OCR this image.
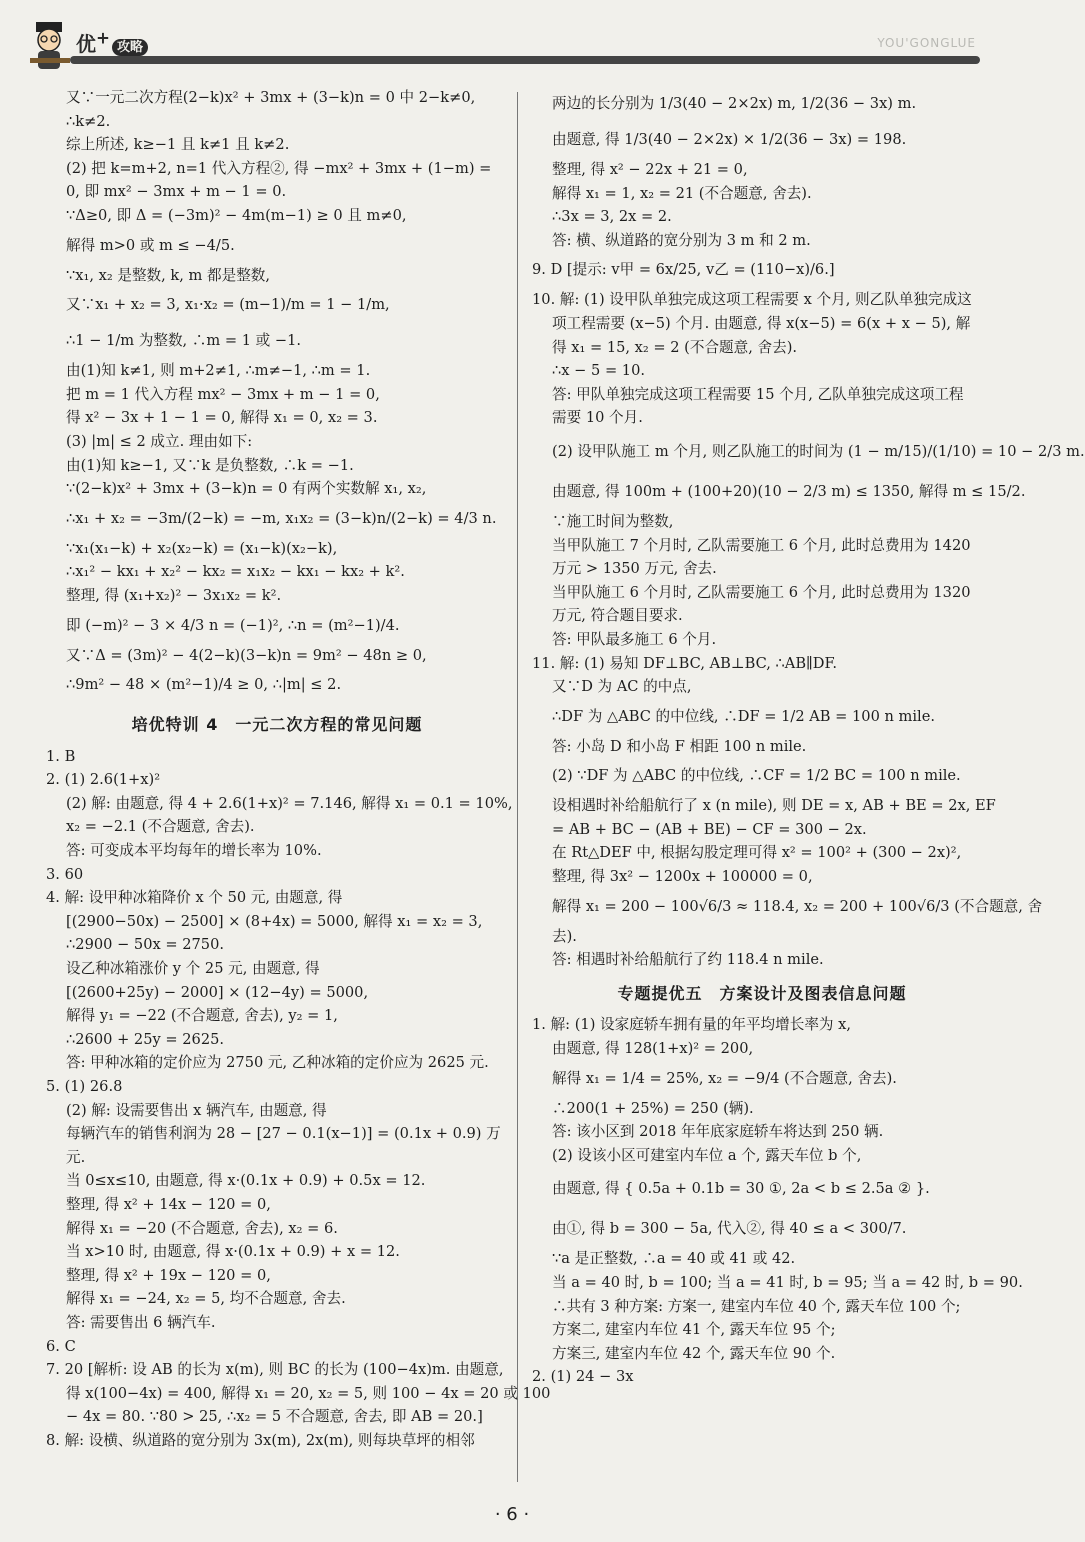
优+攻略	YOU'GONGLUE
又∵一元二次方程(2−k)x² + 3mx + (3−k)n = 0 中 2−k≠0,
∴k≠2.
综上所述, k≥−1 且 k≠1 且 k≠2.
(2) 把 k=m+2, n=1 代入方程②, 得 −mx² + 3mx + (1−m) =
0, 即 mx² − 3mx + m − 1 = 0.
∵Δ≥0, 即 Δ = (−3m)² − 4m(m−1) ≥ 0 且 m≠0,
解得 m>0 或 m ≤ −4/5.
∵x₁, x₂ 是整数, k, m 都是整数,
又∵x₁ + x₂ = 3, x₁·x₂ = (m−1)/m = 1 − 1/m,
∴1 − 1/m 为整数, ∴m = 1 或 −1.
由(1)知 k≠1, 则 m+2≠1, ∴m≠−1, ∴m = 1.
把 m = 1 代入方程 mx² − 3mx + m − 1 = 0,
得 x² − 3x + 1 − 1 = 0, 解得 x₁ = 0, x₂ = 3.
(3) |m| ≤ 2 成立. 理由如下:
由(1)知 k≥−1, 又∵k 是负整数, ∴k = −1.
∵(2−k)x² + 3mx + (3−k)n = 0 有两个实数解 x₁, x₂,
∴x₁ + x₂ = −3m/(2−k) = −m, x₁x₂ = (3−k)n/(2−k) = 4/3 n.
∵x₁(x₁−k) + x₂(x₂−k) = (x₁−k)(x₂−k),
∴x₁² − kx₁ + x₂² − kx₂ = x₁x₂ − kx₁ − kx₂ + k².
整理, 得 (x₁+x₂)² − 3x₁x₂ = k².
即 (−m)² − 3 × 4/3 n = (−1)², ∴n = (m²−1)/4.
又∵Δ = (3m)² − 4(2−k)(3−k)n = 9m² − 48n ≥ 0,
∴9m² − 48 × (m²−1)/4 ≥ 0, ∴|m| ≤ 2.
培优特训 4　一元二次方程的常见问题
1. B
2. (1) 2.6(1+x)²
(2) 解: 由题意, 得 4 + 2.6(1+x)² = 7.146, 解得 x₁ = 0.1 = 10%,
x₂ = −2.1 (不合题意, 舍去).
答: 可变成本平均每年的增长率为 10%.
3. 60
4. 解: 设甲种冰箱降价 x 个 50 元, 由题意, 得
[(2900−50x) − 2500] × (8+4x) = 5000, 解得 x₁ = x₂ = 3,
∴2900 − 50x = 2750.
设乙种冰箱涨价 y 个 25 元, 由题意, 得
[(2600+25y) − 2000] × (12−4y) = 5000,
解得 y₁ = −22 (不合题意, 舍去), y₂ = 1,
∴2600 + 25y = 2625.
答: 甲种冰箱的定价应为 2750 元, 乙种冰箱的定价应为 2625 元.
5. (1) 26.8
(2) 解: 设需要售出 x 辆汽车, 由题意, 得
每辆汽车的销售利润为 28 − [27 − 0.1(x−1)] = (0.1x + 0.9) 万
元.
当 0≤x≤10, 由题意, 得 x·(0.1x + 0.9) + 0.5x = 12.
整理, 得 x² + 14x − 120 = 0,
解得 x₁ = −20 (不合题意, 舍去), x₂ = 6.
当 x>10 时, 由题意, 得 x·(0.1x + 0.9) + x = 12.
整理, 得 x² + 19x − 120 = 0,
解得 x₁ = −24, x₂ = 5, 均不合题意, 舍去.
答: 需要售出 6 辆汽车.
6. C
7. 20 [解析: 设 AB 的长为 x(m), 则 BC 的长为 (100−4x)m. 由题意,
得 x(100−4x) = 400, 解得 x₁ = 20, x₂ = 5, 则 100 − 4x = 20 或 100
− 4x = 80. ∵80 > 25, ∴x₂ = 5 不合题意, 舍去, 即 AB = 20.]
8. 解: 设横、纵道路的宽分别为 3x(m), 2x(m), 则每块草坪的相邻
两边的长分别为 1/3(40 − 2×2x) m, 1/2(36 − 3x) m.
由题意, 得 1/3(40 − 2×2x) × 1/2(36 − 3x) = 198.
整理, 得 x² − 22x + 21 = 0,
解得 x₁ = 1, x₂ = 21 (不合题意, 舍去).
∴3x = 3, 2x = 2.
答: 横、纵道路的宽分别为 3 m 和 2 m.
9. D [提示: v甲 = 6x/25, v乙 = (110−x)/6.]
10. 解: (1) 设甲队单独完成这项工程需要 x 个月, 则乙队单独完成这
项工程需要 (x−5) 个月. 由题意, 得 x(x−5) = 6(x + x − 5), 解
得 x₁ = 15, x₂ = 2 (不合题意, 舍去).
∴x − 5 = 10.
答: 甲队单独完成这项工程需要 15 个月, 乙队单独完成这项工程
需要 10 个月.
(2) 设甲队施工 m 个月, 则乙队施工的时间为 (1 − m/15)/(1/10) = 10 − 2/3 m.
由题意, 得 100m + (100+20)(10 − 2/3 m) ≤ 1350, 解得 m ≤ 15/2.
∵施工时间为整数,
当甲队施工 7 个月时, 乙队需要施工 6 个月, 此时总费用为 1420
万元 > 1350 万元, 舍去.
当甲队施工 6 个月时, 乙队需要施工 6 个月, 此时总费用为 1320
万元, 符合题目要求.
答: 甲队最多施工 6 个月.
11. 解: (1) 易知 DF⊥BC, AB⊥BC, ∴AB∥DF.
又∵D 为 AC 的中点,
∴DF 为 △ABC 的中位线, ∴DF = 1/2 AB = 100 n mile.
答: 小岛 D 和小岛 F 相距 100 n mile.
(2) ∵DF 为 △ABC 的中位线, ∴CF = 1/2 BC = 100 n mile.
设相遇时补给船航行了 x (n mile), 则 DE = x, AB + BE = 2x, EF
= AB + BC − (AB + BE) − CF = 300 − 2x.
在 Rt△DEF 中, 根据勾股定理可得 x² = 100² + (300 − 2x)²,
整理, 得 3x² − 1200x + 100000 = 0,
解得 x₁ = 200 − 100√6/3 ≈ 118.4, x₂ = 200 + 100√6/3 (不合题意, 舍
去).
答: 相遇时补给船航行了约 118.4 n mile.
专题提优五　方案设计及图表信息问题
1. 解: (1) 设家庭轿车拥有量的年平均增长率为 x,
由题意, 得 128(1+x)² = 200,
解得 x₁ = 1/4 = 25%, x₂ = −9/4 (不合题意, 舍去).
∴200(1 + 25%) = 250 (辆).
答: 该小区到 2018 年年底家庭轿车将达到 250 辆.
(2) 设该小区可建室内车位 a 个, 露天车位 b 个,
由题意, 得 { 0.5a + 0.1b = 30 ①, 2a < b ≤ 2.5a ② }.
由①, 得 b = 300 − 5a, 代入②, 得 40 ≤ a < 300/7.
∵a 是正整数, ∴a = 40 或 41 或 42.
当 a = 40 时, b = 100; 当 a = 41 时, b = 95; 当 a = 42 时, b = 90.
∴共有 3 种方案: 方案一, 建室内车位 40 个, 露天车位 100 个;
方案二, 建室内车位 41 个, 露天车位 95 个;
方案三, 建室内车位 42 个, 露天车位 90 个.
2. (1) 24 − 3x
· 6 ·
